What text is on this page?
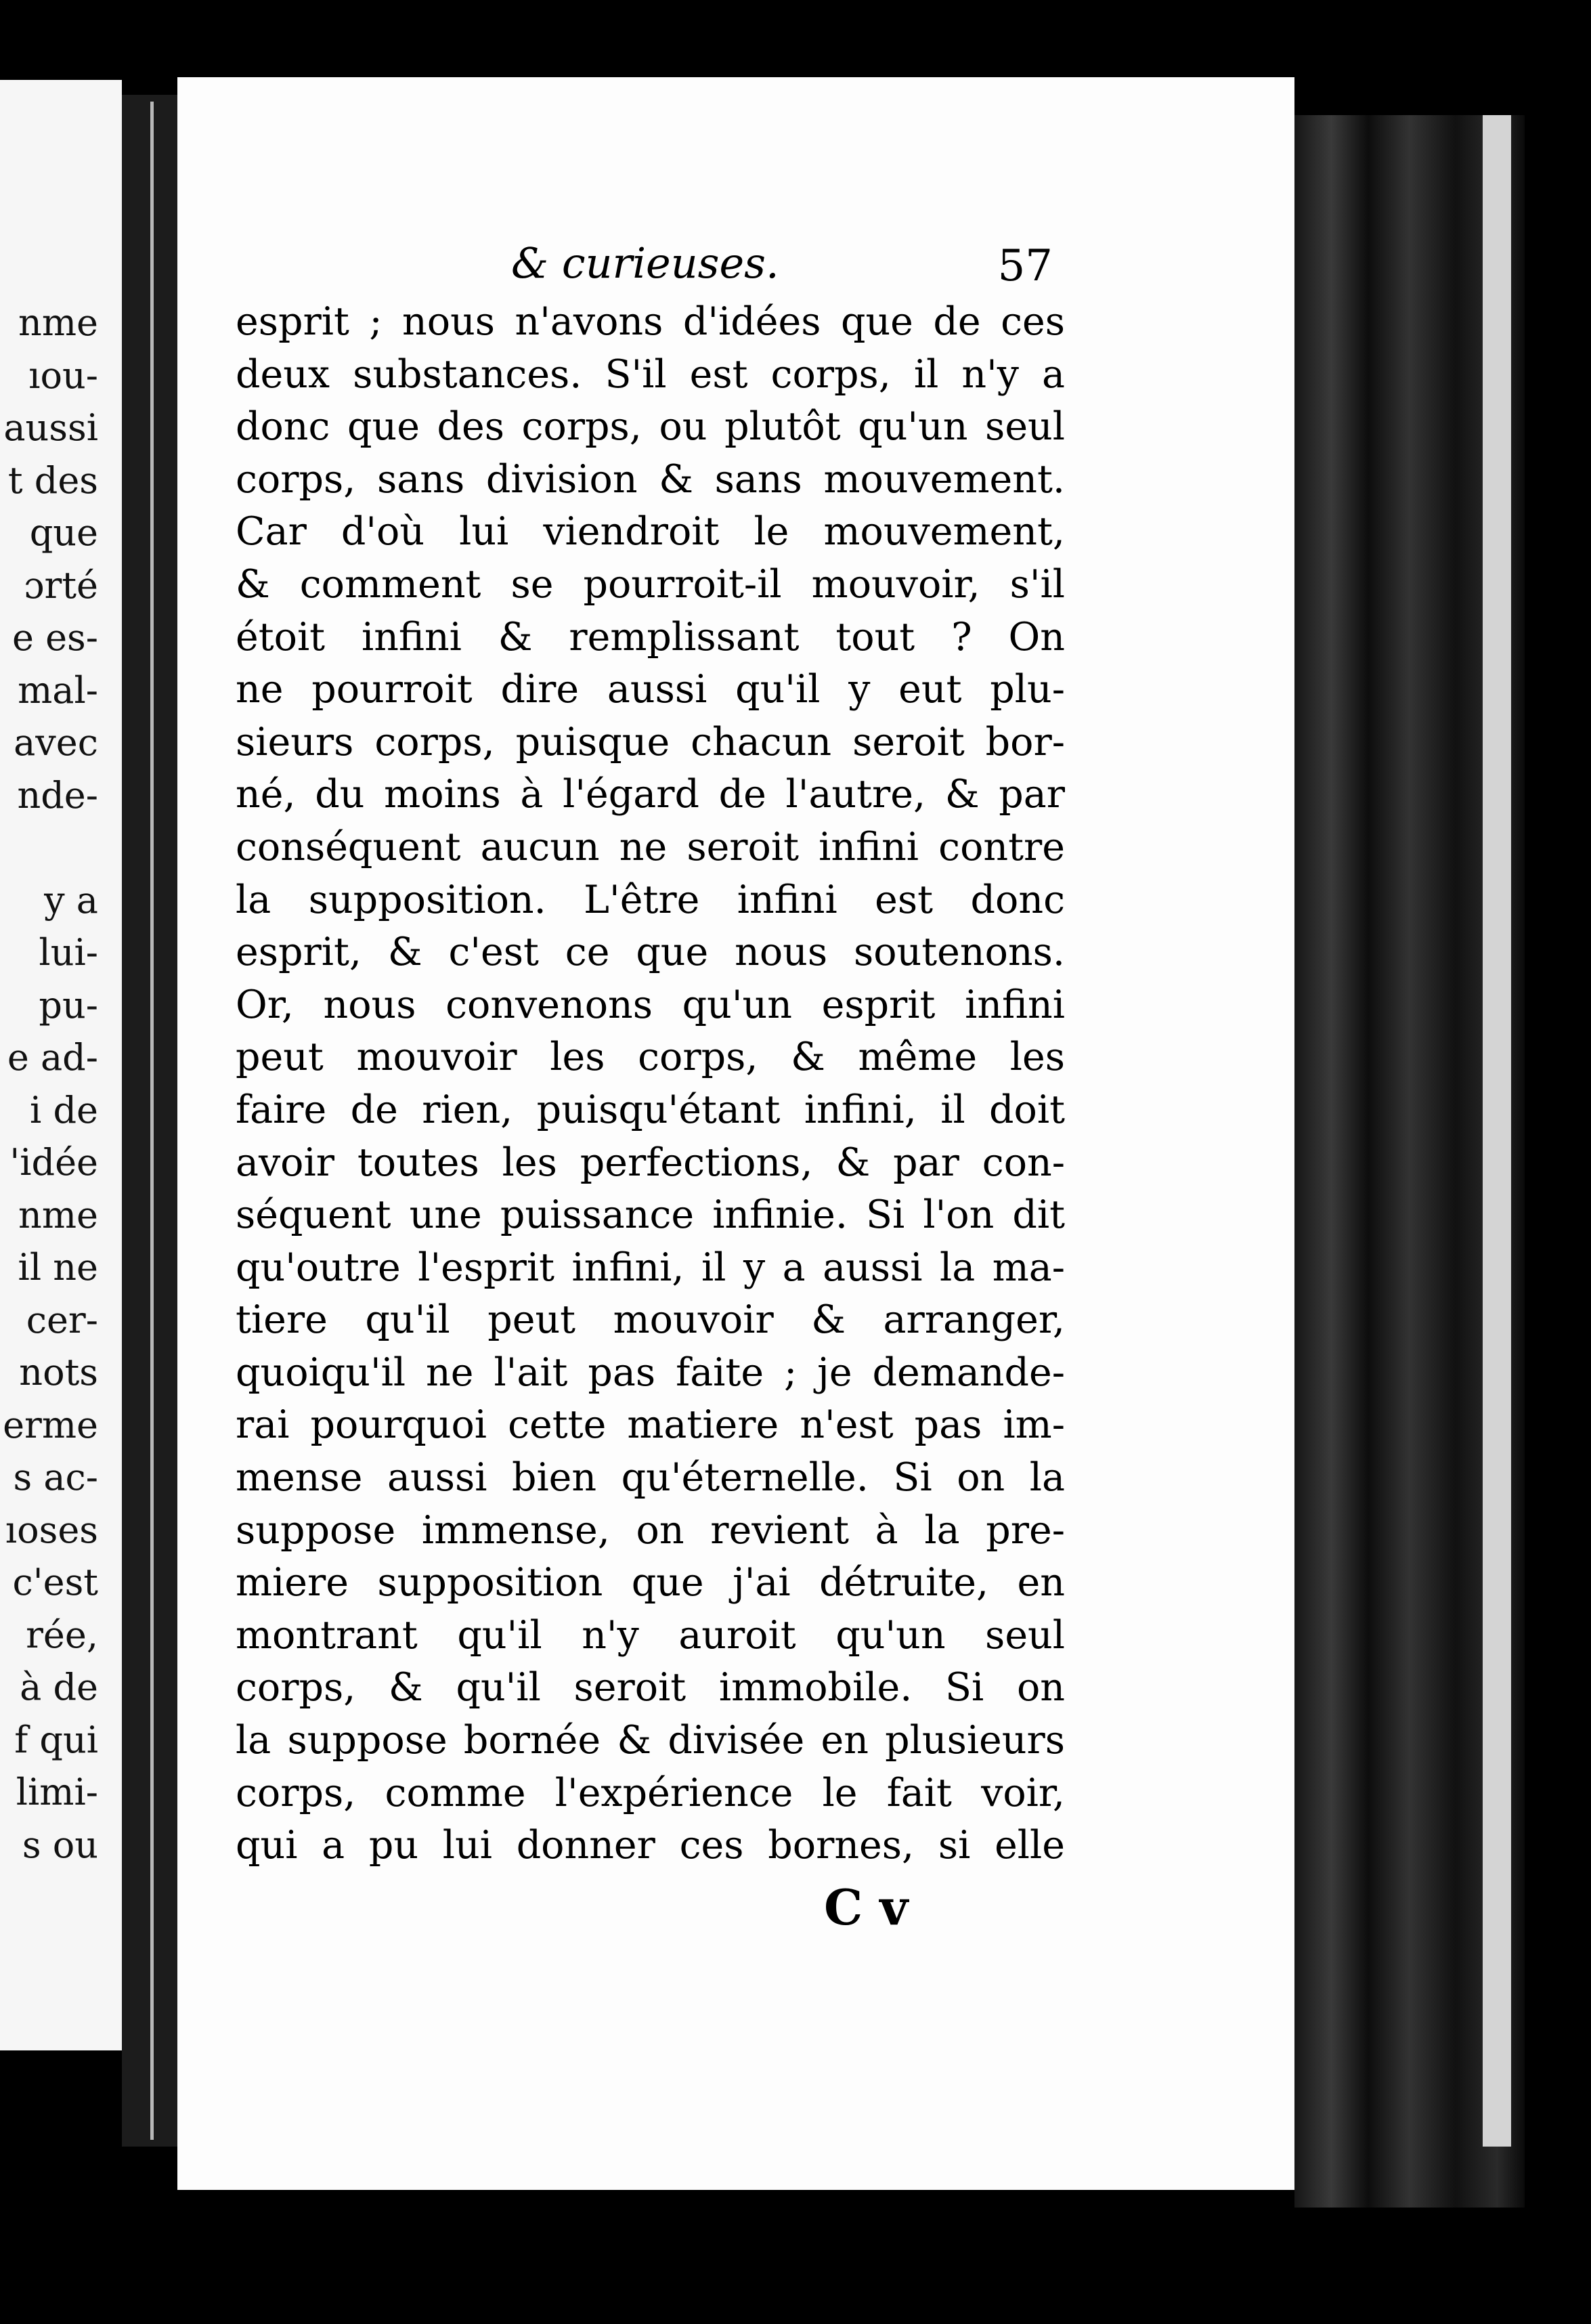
nme
ıou-
aussi
t des
que
ɔrté
e es-
mal-
avec
nde-
y a
lui-
pu-
e ad-
i de
'idée
nme
il ne
cer-
nots
erme
s ac-
ıoses
c'est
rée,
à de
f qui
limi-
s ou
& curieuses.	57
esprit ; nous n'avons d'idées que de ces
deux substances. S'il est corps, il n'y a
donc que des corps, ou plutôt qu'un seul
corps, sans division & sans mouvement.
Car d'où lui viendroit le mouvement,
& comment se pourroit-il mouvoir, s'il
étoit infini & remplissant tout ? On
ne pourroit dire aussi qu'il y eut plu-
sieurs corps, puisque chacun seroit bor-
né, du moins à l'égard de l'autre, & par
conséquent aucun ne seroit infini contre
la supposition. L'être infini est donc
esprit, & c'est ce que nous soutenons.
Or, nous convenons qu'un esprit infini
peut mouvoir les corps, & même les
faire de rien, puisqu'étant infini, il doit
avoir toutes les perfections, & par con-
séquent une puissance infinie. Si l'on dit
qu'outre l'esprit infini, il y a aussi la ma-
tiere qu'il peut mouvoir & arranger,
quoiqu'il ne l'ait pas faite ; je demande-
rai pourquoi cette matiere n'est pas im-
mense aussi bien qu'éternelle. Si on la
suppose immense, on revient à la pre-
miere supposition que j'ai détruite, en
montrant qu'il n'y auroit qu'un seul
corps, & qu'il seroit immobile. Si on
la suppose bornée & divisée en plusieurs
corps, comme l'expérience le fait voir,
qui a pu lui donner ces bornes, si elle
C v
